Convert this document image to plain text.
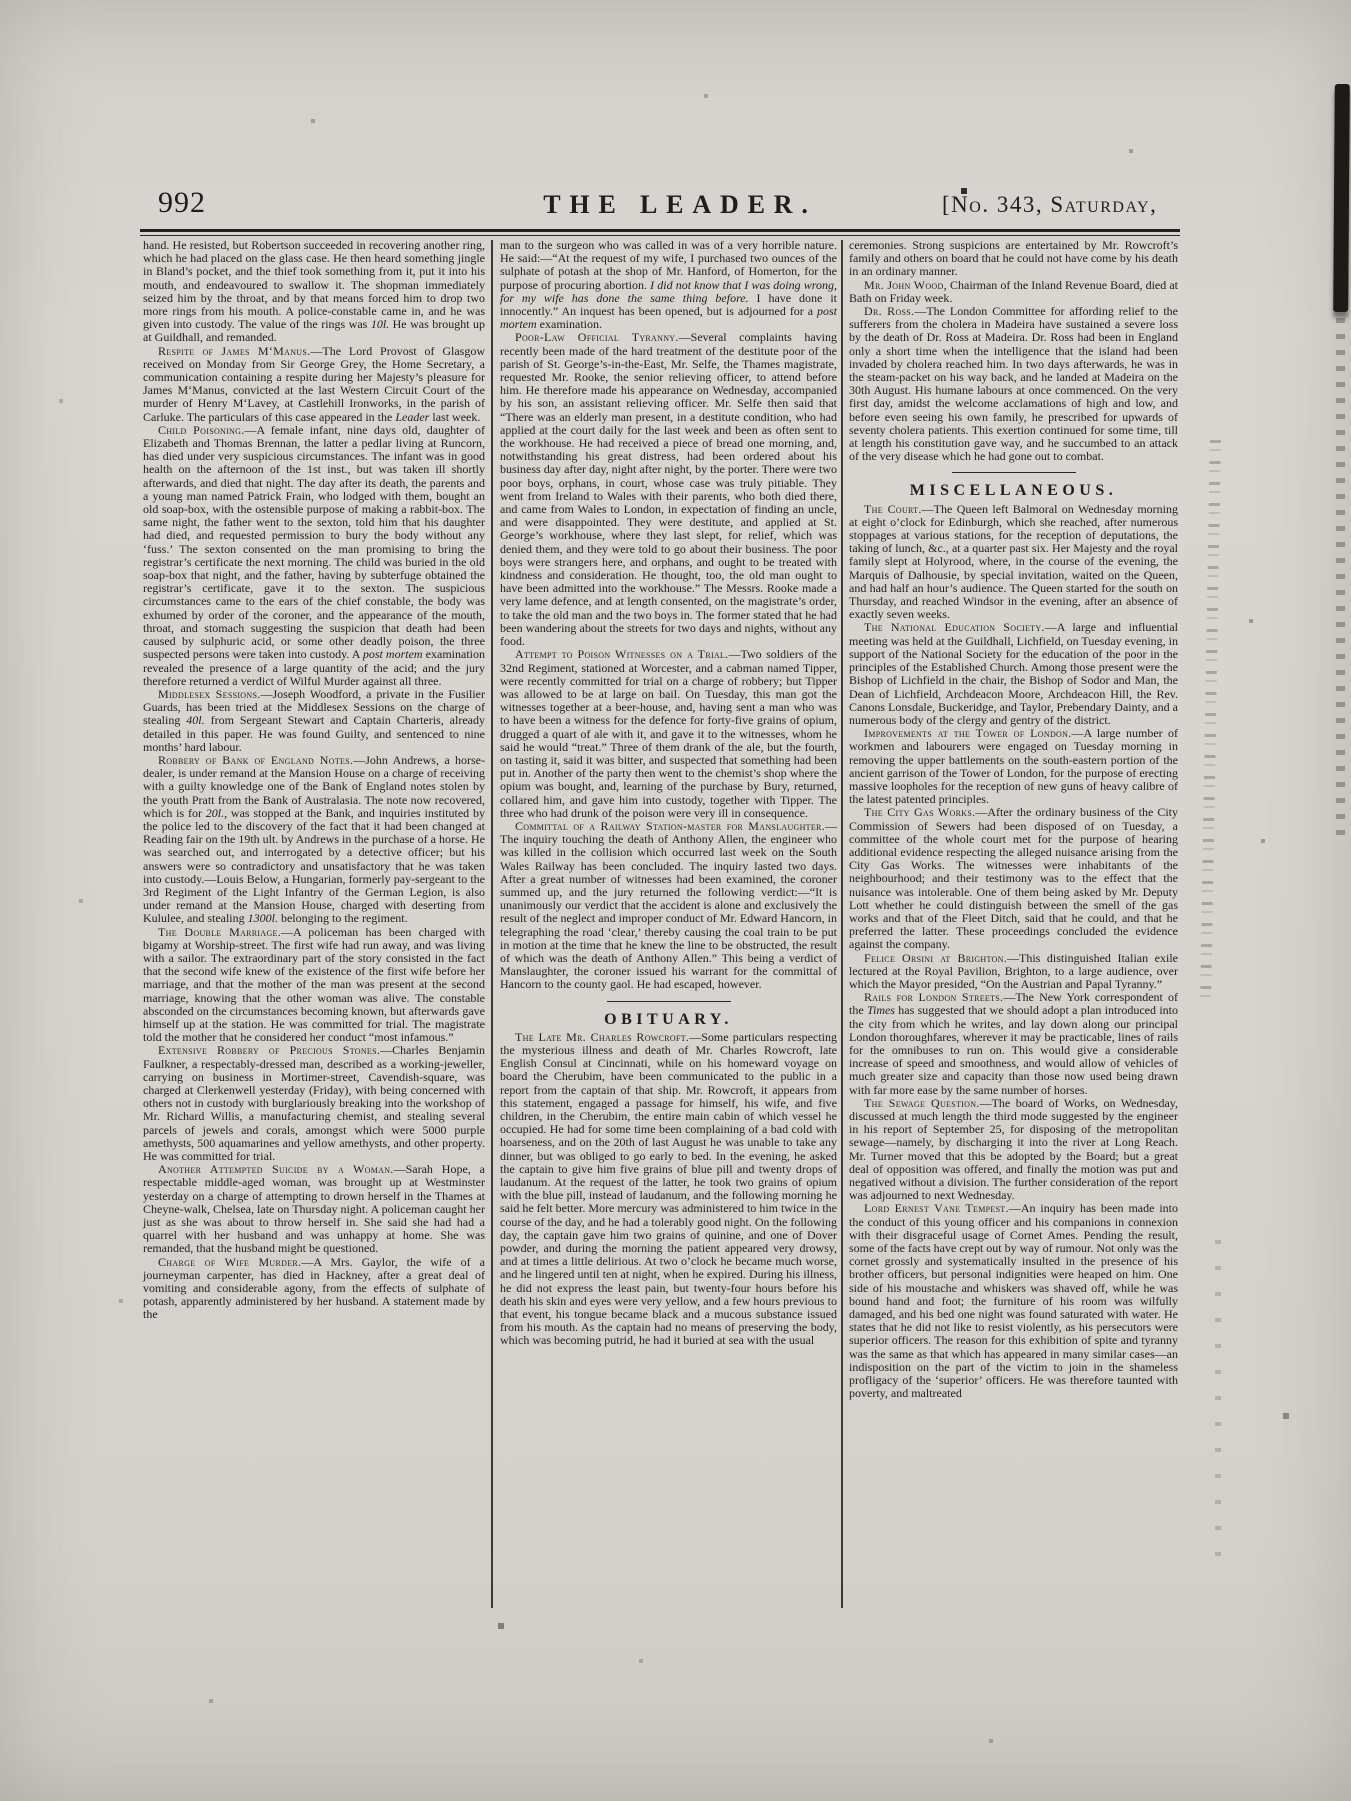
992	THE LEADER.	[No. 343, Saturday,

hand. He resisted, but Robertson succeeded in recovering another ring, which he had placed on the glass case. He then heard something jingle in Bland’s pocket, and the thief took something from it, put it into his mouth, and endeavoured to swallow it. The shopman immediately seized him by the throat, and by that means forced him to drop two more rings from his mouth. A police-constable came in, and he was given into custody. The value of the rings was 10l. He was brought up at Guildhall, and remanded.

Respite of James M‘Manus.—The Lord Provost of Glasgow received on Monday from Sir George Grey, the Home Secretary, a communication containing a respite during her Majesty’s pleasure for James M‘Manus, convicted at the last Western Circuit Court of the murder of Henry M‘Lavey, at Castlehill Ironworks, in the parish of Carluke. The particulars of this case appeared in the Leader last week.

Child Poisoning.—A female infant, nine days old, daughter of Elizabeth and Thomas Brennan, the latter a pedlar living at Runcorn, has died under very suspicious circumstances. The infant was in good health on the afternoon of the 1st inst., but was taken ill shortly afterwards, and died that night. The day after its death, the parents and a young man named Patrick Frain, who lodged with them, bought an old soap-box, with the ostensible purpose of making a rabbit-box. The same night, the father went to the sexton, told him that his daughter had died, and requested permission to bury the body without any ‘fuss.’ The sexton consented on the man promising to bring the registrar’s certificate the next morning. The child was buried in the old soap-box that night, and the father, having by subterfuge obtained the registrar’s certificate, gave it to the sexton. The suspicious circumstances came to the ears of the chief constable, the body was exhumed by order of the coroner, and the appearance of the mouth, throat, and stomach suggesting the suspicion that death had been caused by sulphuric acid, or some other deadly poison, the three suspected persons were taken into custody. A post mortem examination revealed the presence of a large quantity of the acid; and the jury therefore returned a verdict of Wilful Murder against all three.

Middlesex Sessions.—Joseph Woodford, a private in the Fusilier Guards, has been tried at the Middlesex Sessions on the charge of stealing 40l. from Sergeant Stewart and Captain Charteris, already detailed in this paper. He was found Guilty, and sentenced to nine months’ hard labour.

Robbery of Bank of England Notes.—John Andrews, a horse-dealer, is under remand at the Mansion House on a charge of receiving with a guilty knowledge one of the Bank of England notes stolen by the youth Pratt from the Bank of Australasia. The note now recovered, which is for 20l., was stopped at the Bank, and inquiries instituted by the police led to the discovery of the fact that it had been changed at Reading fair on the 19th ult. by Andrews in the purchase of a horse. He was searched out, and interrogated by a detective officer; but his answers were so contradictory and unsatisfactory that he was taken into custody.—Louis Below, a Hungarian, formerly pay-sergeant to the 3rd Regiment of the Light Infantry of the German Legion, is also under remand at the Mansion House, charged with deserting from Kululee, and stealing 1300l. belonging to the regiment.

The Double Marriage.—A policeman has been charged with bigamy at Worship-street. The first wife had run away, and was living with a sailor. The extraordinary part of the story consisted in the fact that the second wife knew of the existence of the first wife before her marriage, and that the mother of the man was present at the second marriage, knowing that the other woman was alive. The constable absconded on the circumstances becoming known, but afterwards gave himself up at the station. He was committed for trial. The magistrate told the mother that he considered her conduct “most infamous.”

Extensive Robbery of Precious Stones.—Charles Benjamin Faulkner, a respectably-dressed man, described as a working-jeweller, carrying on business in Mortimer-street, Cavendish-square, was charged at Clerkenwell yesterday (Friday), with being concerned with others not in custody with burglariously breaking into the workshop of Mr. Richard Willis, a manufacturing chemist, and stealing several parcels of jewels and corals, amongst which were 5000 purple amethysts, 500 aquamarines and yellow amethysts, and other property. He was committed for trial.

Another Attempted Suicide by a Woman.—Sarah Hope, a respectable middle-aged woman, was brought up at Westminster yesterday on a charge of attempting to drown herself in the Thames at Cheyne-walk, Chelsea, late on Thursday night. A policeman caught her just as she was about to throw herself in. She said she had had a quarrel with her husband and was unhappy at home. She was remanded, that the husband might be questioned.

Charge of Wife Murder.—A Mrs. Gaylor, the wife of a journeyman carpenter, has died in Hackney, after a great deal of vomiting and considerable agony, from the effects of sulphate of potash, apparently administered by her husband. A statement made by the

man to the surgeon who was called in was of a very horrible nature. He said:—“At the request of my wife, I purchased two ounces of the sulphate of potash at the shop of Mr. Hanford, of Homerton, for the purpose of procuring abortion. I did not know that I was doing wrong, for my wife has done the same thing before. I have done it innocently.” An inquest has been opened, but is adjourned for a post mortem examination.

Poor-Law Official Tyranny.—Several complaints having recently been made of the hard treatment of the destitute poor of the parish of St. George’s-in-the-East, Mr. Selfe, the Thames magistrate, requested Mr. Rooke, the senior relieving officer, to attend before him. He therefore made his appearance on Wednesday, accompanied by his son, an assistant relieving officer. Mr. Selfe then said that “There was an elderly man present, in a destitute condition, who had applied at the court daily for the last week and been as often sent to the workhouse. He had received a piece of bread one morning, and, notwithstanding his great distress, had been ordered about his business day after day, night after night, by the porter. There were two poor boys, orphans, in court, whose case was truly pitiable. They went from Ireland to Wales with their parents, who both died there, and came from Wales to London, in expectation of finding an uncle, and were disappointed. They were destitute, and applied at St. George’s workhouse, where they last slept, for relief, which was denied them, and they were told to go about their business. The poor boys were strangers here, and orphans, and ought to be treated with kindness and consideration. He thought, too, the old man ought to have been admitted into the workhouse.” The Messrs. Rooke made a very lame defence, and at length consented, on the magistrate’s order, to take the old man and the two boys in. The former stated that he had been wandering about the streets for two days and nights, without any food.

Attempt to Poison Witnesses on a Trial.—Two soldiers of the 32nd Regiment, stationed at Worcester, and a cabman named Tipper, were recently committed for trial on a charge of robbery; but Tipper was allowed to be at large on bail. On Tuesday, this man got the witnesses together at a beer-house, and, having sent a man who was to have been a witness for the defence for forty-five grains of opium, drugged a quart of ale with it, and gave it to the witnesses, whom he said he would “treat.” Three of them drank of the ale, but the fourth, on tasting it, said it was bitter, and suspected that something had been put in. Another of the party then went to the chemist’s shop where the opium was bought, and, learning of the purchase by Bury, returned, collared him, and gave him into custody, together with Tipper. The three who had drunk of the poison were very ill in consequence.

Committal of a Railway Station-master for Manslaughter.—The inquiry touching the death of Anthony Allen, the engineer who was killed in the collision which occurred last week on the South Wales Railway has been concluded. The inquiry lasted two days. After a great number of witnesses had been examined, the coroner summed up, and the jury returned the following verdict:—“It is unanimously our verdict that the accident is alone and exclusively the result of the neglect and improper conduct of Mr. Edward Hancorn, in telegraphing the road ‘clear,’ thereby causing the coal train to be put in motion at the time that he knew the line to be obstructed, the result of which was the death of Anthony Allen.” This being a verdict of Manslaughter, the coroner issued his warrant for the committal of Hancorn to the county gaol. He had escaped, however.

OBITUARY.

The Late Mr. Charles Rowcroft.—Some particulars respecting the mysterious illness and death of Mr. Charles Rowcroft, late English Consul at Cincinnati, while on his homeward voyage on board the Cherubim, have been communicated to the public in a report from the captain of that ship. Mr. Rowcroft, it appears from this statement, engaged a passage for himself, his wife, and five children, in the Cherubim, the entire main cabin of which vessel he occupied. He had for some time been complaining of a bad cold with hoarseness, and on the 20th of last August he was unable to take any dinner, but was obliged to go early to bed. In the evening, he asked the captain to give him five grains of blue pill and twenty drops of laudanum. At the request of the latter, he took two grains of opium with the blue pill, instead of laudanum, and the following morning he said he felt better. More mercury was administered to him twice in the course of the day, and he had a tolerably good night. On the following day, the captain gave him two grains of quinine, and one of Dover powder, and during the morning the patient appeared very drowsy, and at times a little delirious. At two o’clock he became much worse, and he lingered until ten at night, when he expired. During his illness, he did not express the least pain, but twenty-four hours before his death his skin and eyes were very yellow, and a few hours previous to that event, his tongue became black and a mucous substance issued from his mouth. As the captain had no means of preserving the body, which was becoming putrid, he had it buried at sea with the usual

ceremonies. Strong suspicions are entertained by Mr. Rowcroft’s family and others on board that he could not have come by his death in an ordinary manner.

Mr. John Wood, Chairman of the Inland Revenue Board, died at Bath on Friday week.

Dr. Ross.—The London Committee for affording relief to the sufferers from the cholera in Madeira have sustained a severe loss by the death of Dr. Ross at Madeira. Dr. Ross had been in England only a short time when the intelligence that the island had been invaded by cholera reached him. In two days afterwards, he was in the steam-packet on his way back, and he landed at Madeira on the 30th August. His humane labours at once commenced. On the very first day, amidst the welcome acclamations of high and low, and before even seeing his own family, he prescribed for upwards of seventy cholera patients. This exertion continued for some time, till at length his constitution gave way, and he succumbed to an attack of the very disease which he had gone out to combat.

MISCELLANEOUS.

The Court.—The Queen left Balmoral on Wednesday morning at eight o’clock for Edinburgh, which she reached, after numerous stoppages at various stations, for the reception of deputations, the taking of lunch, &c., at a quarter past six. Her Majesty and the royal family slept at Holyrood, where, in the course of the evening, the Marquis of Dalhousie, by special invitation, waited on the Queen, and had half an hour’s audience. The Queen started for the south on Thursday, and reached Windsor in the evening, after an absence of exactly seven weeks.

The National Education Society.—A large and influential meeting was held at the Guildhall, Lichfield, on Tuesday evening, in support of the National Society for the education of the poor in the principles of the Established Church. Among those present were the Bishop of Lichfield in the chair, the Bishop of Sodor and Man, the Dean of Lichfield, Archdeacon Moore, Archdeacon Hill, the Rev. Canons Lonsdale, Buckeridge, and Taylor, Prebendary Dainty, and a numerous body of the clergy and gentry of the district.

Improvements at the Tower of London.—A large number of workmen and labourers were engaged on Tuesday morning in removing the upper battlements on the south-eastern portion of the ancient garrison of the Tower of London, for the purpose of erecting massive loopholes for the reception of new guns of heavy calibre of the latest patented principles.

The City Gas Works.—After the ordinary business of the City Commission of Sewers had been disposed of on Tuesday, a committee of the whole court met for the purpose of hearing additional evidence respecting the alleged nuisance arising from the City Gas Works. The witnesses were inhabitants of the neighbourhood; and their testimony was to the effect that the nuisance was intolerable. One of them being asked by Mr. Deputy Lott whether he could distinguish between the smell of the gas works and that of the Fleet Ditch, said that he could, and that he preferred the latter. These proceedings concluded the evidence against the company.

Felice Orsini at Brighton.—This distinguished Italian exile lectured at the Royal Pavilion, Brighton, to a large audience, over which the Mayor presided, “On the Austrian and Papal Tyranny.”

Rails for London Streets.—The New York correspondent of the Times has suggested that we should adopt a plan introduced into the city from which he writes, and lay down along our principal London thoroughfares, wherever it may be practicable, lines of rails for the omnibuses to run on. This would give a considerable increase of speed and smoothness, and would allow of vehicles of much greater size and capacity than those now used being drawn with far more ease by the same number of horses.

The Sewage Question.—The board of Works, on Wednesday, discussed at much length the third mode suggested by the engineer in his report of September 25, for disposing of the metropolitan sewage—namely, by discharging it into the river at Long Reach. Mr. Turner moved that this be adopted by the Board; but a great deal of opposition was offered, and finally the motion was put and negatived without a division. The further consideration of the report was adjourned to next Wednesday.

Lord Ernest Vane Tempest.—An inquiry has been made into the conduct of this young officer and his companions in connexion with their disgraceful usage of Cornet Ames. Pending the result, some of the facts have crept out by way of rumour. Not only was the cornet grossly and systematically insulted in the presence of his brother officers, but personal indignities were heaped on him. One side of his moustache and whiskers was shaved off, while he was bound hand and foot; the furniture of his room was wilfully damaged, and his bed one night was found saturated with water. He states that he did not like to resist violently, as his persecutors were superior officers. The reason for this exhibition of spite and tyranny was the same as that which has appeared in many similar cases—an indisposition on the part of the victim to join in the shameless profligacy of the ‘superior’ officers. He was therefore taunted with poverty, and maltreated
